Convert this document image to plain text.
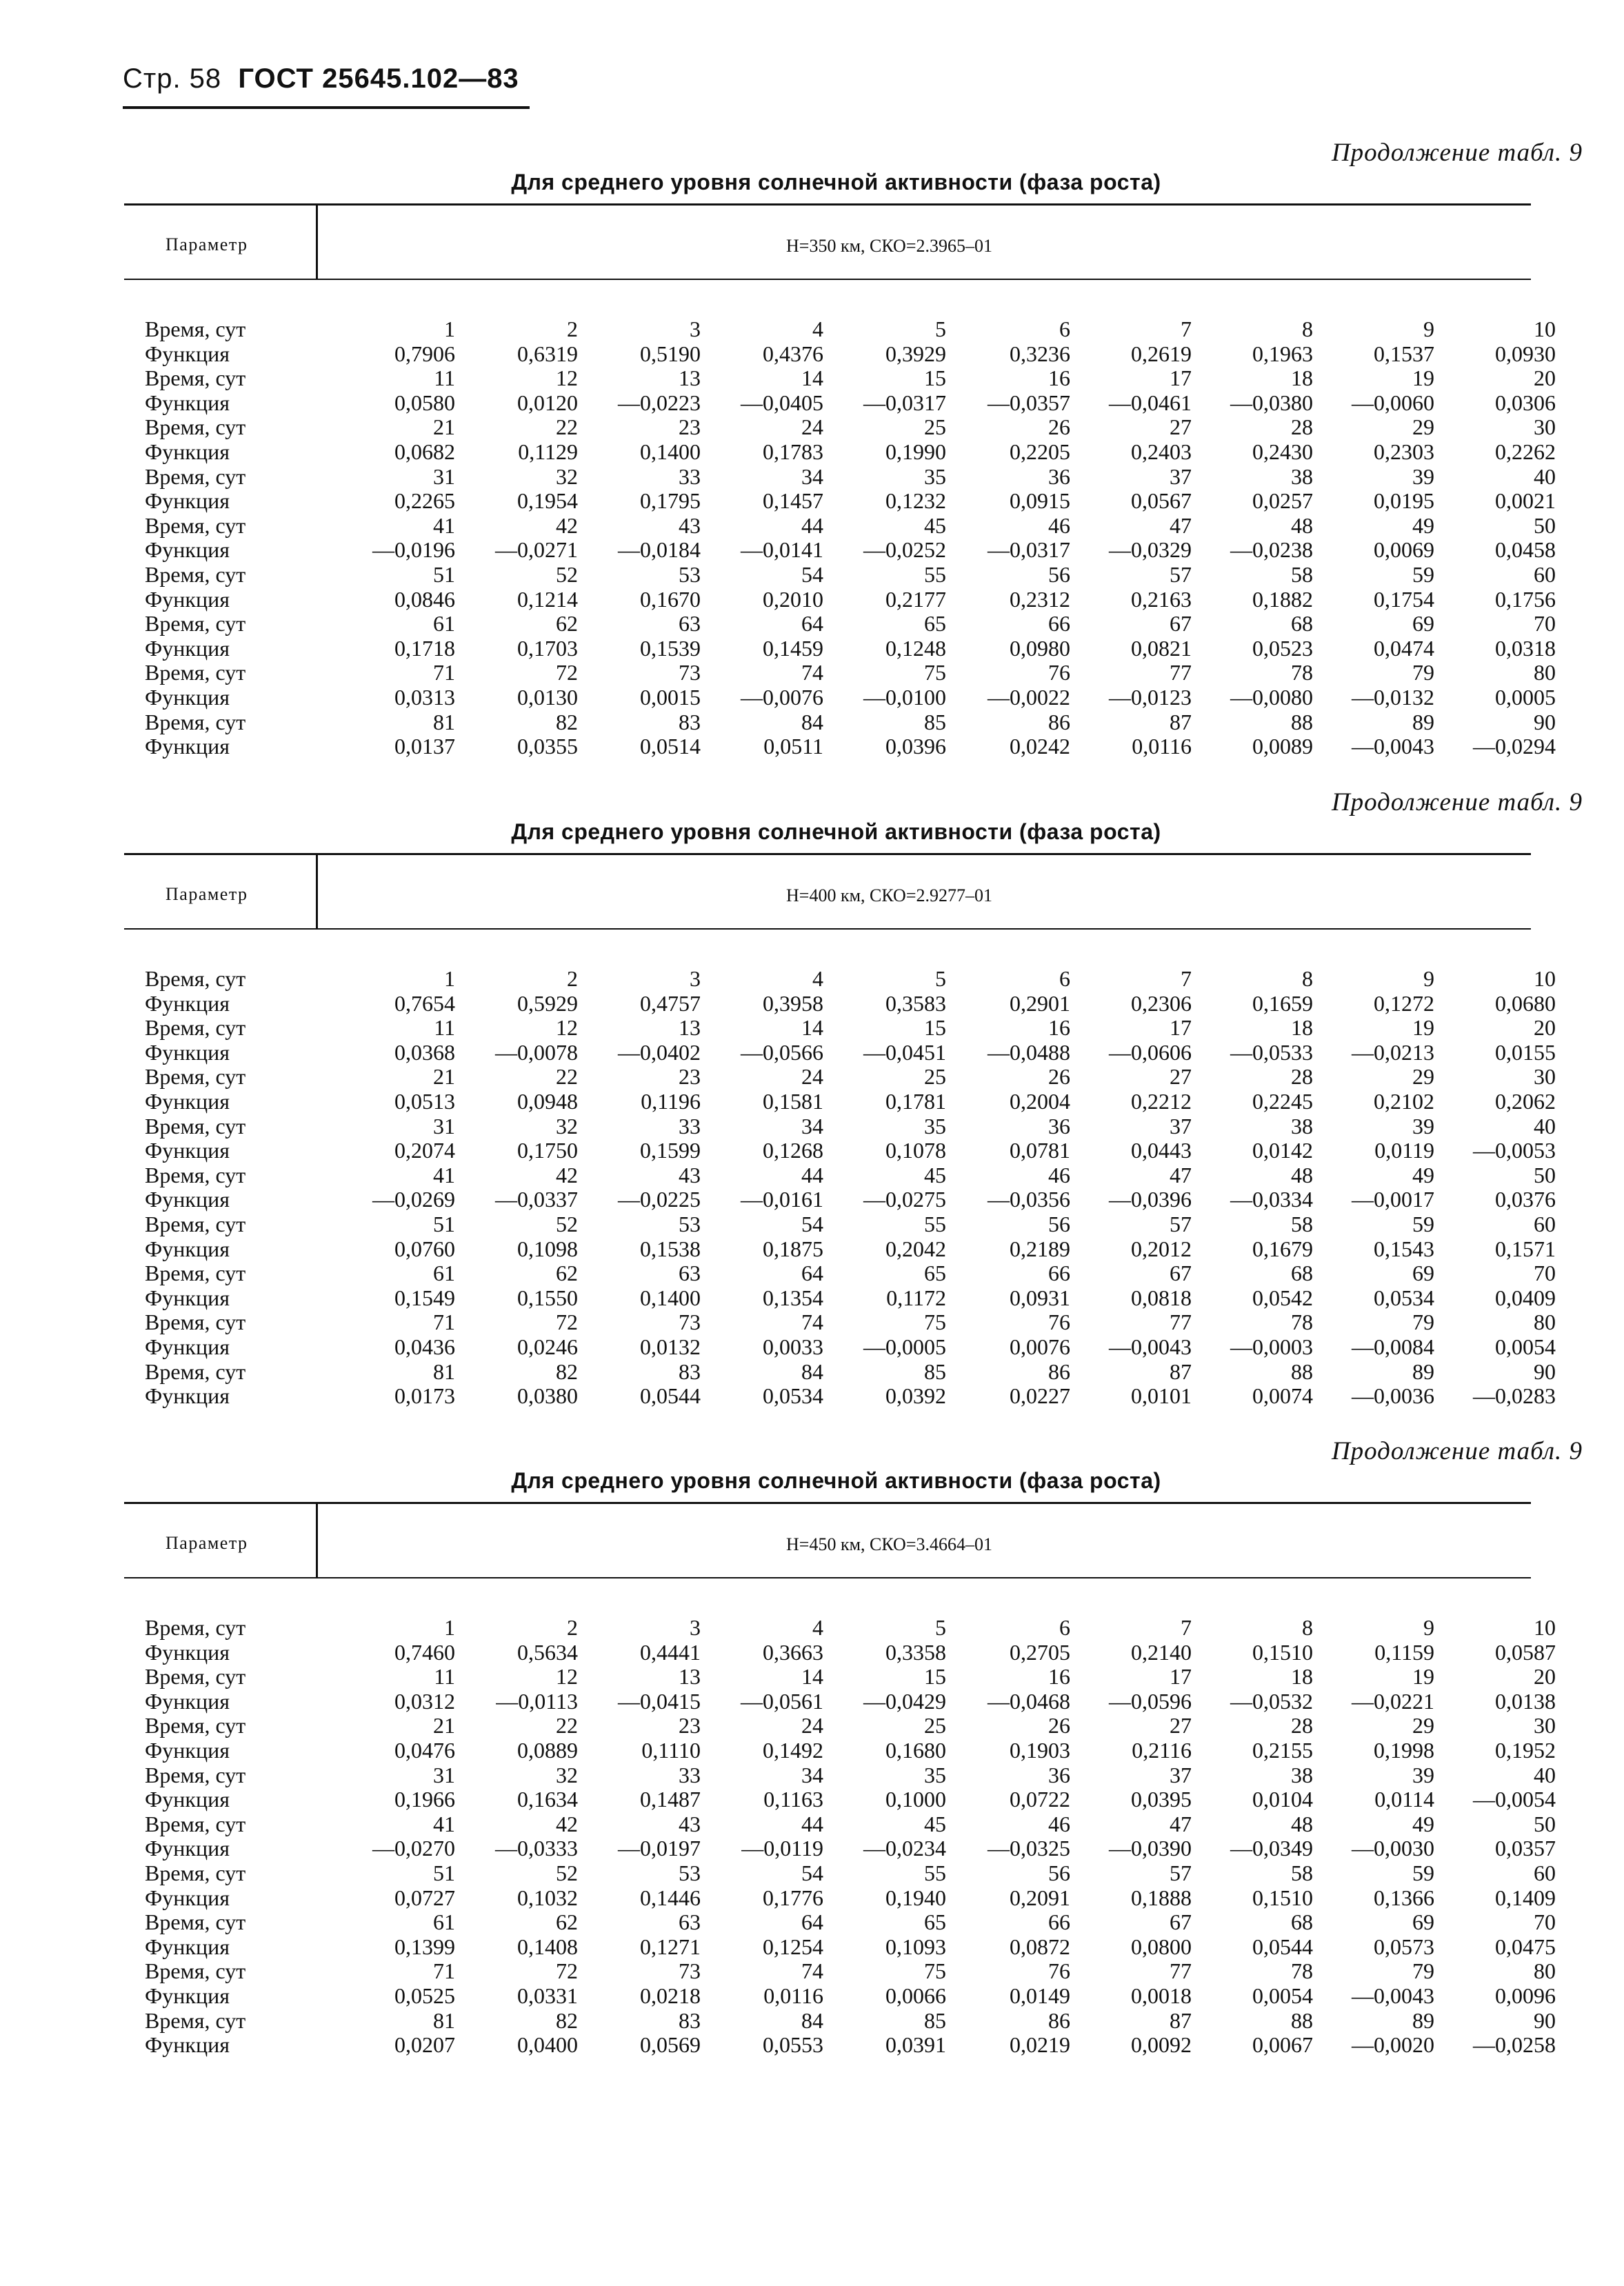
Стр. 58 ГОСТ 25645.102—83
Продолжение табл. 9
Для среднего уровня солнечной активности (фаза роста)
Параметр	H=350 км, СКО=2.3965–01
Время, сут	1	2	3	4	5	6	7	8	9	10
Функция	0,7906	0,6319	0,5190	0,4376	0,3929	0,3236	0,2619	0,1963	0,1537	0,0930
Время, сут	11	12	13	14	15	16	17	18	19	20
Функция	0,0580	0,0120	—0,0223	—0,0405	—0,0317	—0,0357	—0,0461	—0,0380	—0,0060	0,0306
Время, сут	21	22	23	24	25	26	27	28	29	30
Функция	0,0682	0,1129	0,1400	0,1783	0,1990	0,2205	0,2403	0,2430	0,2303	0,2262
Время, сут	31	32	33	34	35	36	37	38	39	40
Функция	0,2265	0,1954	0,1795	0,1457	0,1232	0,0915	0,0567	0,0257	0,0195	0,0021
Время, сут	41	42	43	44	45	46	47	48	49	50
Функция	—0,0196	—0,0271	—0,0184	—0,0141	—0,0252	—0,0317	—0,0329	—0,0238	0,0069	0,0458
Время, сут	51	52	53	54	55	56	57	58	59	60
Функция	0,0846	0,1214	0,1670	0,2010	0,2177	0,2312	0,2163	0,1882	0,1754	0,1756
Время, сут	61	62	63	64	65	66	67	68	69	70
Функция	0,1718	0,1703	0,1539	0,1459	0,1248	0,0980	0,0821	0,0523	0,0474	0,0318
Время, сут	71	72	73	74	75	76	77	78	79	80
Функция	0,0313	0,0130	0,0015	—0,0076	—0,0100	—0,0022	—0,0123	—0,0080	—0,0132	0,0005
Время, сут	81	82	83	84	85	86	87	88	89	90
Функция	0,0137	0,0355	0,0514	0,0511	0,0396	0,0242	0,0116	0,0089	—0,0043	—0,0294
Продолжение табл. 9
Для среднего уровня солнечной активности (фаза роста)
Параметр	H=400 км, СКО=2.9277–01
Время, сут	1	2	3	4	5	6	7	8	9	10
Функция	0,7654	0,5929	0,4757	0,3958	0,3583	0,2901	0,2306	0,1659	0,1272	0,0680
Время, сут	11	12	13	14	15	16	17	18	19	20
Функция	0,0368	—0,0078	—0,0402	—0,0566	—0,0451	—0,0488	—0,0606	—0,0533	—0,0213	0,0155
Время, сут	21	22	23	24	25	26	27	28	29	30
Функция	0,0513	0,0948	0,1196	0,1581	0,1781	0,2004	0,2212	0,2245	0,2102	0,2062
Время, сут	31	32	33	34	35	36	37	38	39	40
Функция	0,2074	0,1750	0,1599	0,1268	0,1078	0,0781	0,0443	0,0142	0,0119	—0,0053
Время, сут	41	42	43	44	45	46	47	48	49	50
Функция	—0,0269	—0,0337	—0,0225	—0,0161	—0,0275	—0,0356	—0,0396	—0,0334	—0,0017	0,0376
Время, сут	51	52	53	54	55	56	57	58	59	60
Функция	0,0760	0,1098	0,1538	0,1875	0,2042	0,2189	0,2012	0,1679	0,1543	0,1571
Время, сут	61	62	63	64	65	66	67	68	69	70
Функция	0,1549	0,1550	0,1400	0,1354	0,1172	0,0931	0,0818	0,0542	0,0534	0,0409
Время, сут	71	72	73	74	75	76	77	78	79	80
Функция	0,0436	0,0246	0,0132	0,0033	—0,0005	0,0076	—0,0043	—0,0003	—0,0084	0,0054
Время, сут	81	82	83	84	85	86	87	88	89	90
Функция	0,0173	0,0380	0,0544	0,0534	0,0392	0,0227	0,0101	0,0074	—0,0036	—0,0283
Продолжение табл. 9
Для среднего уровня солнечной активности (фаза роста)
Параметр	H=450 км, СКО=3.4664–01
Время, сут	1	2	3	4	5	6	7	8	9	10
Функция	0,7460	0,5634	0,4441	0,3663	0,3358	0,2705	0,2140	0,1510	0,1159	0,0587
Время, сут	11	12	13	14	15	16	17	18	19	20
Функция	0,0312	—0,0113	—0,0415	—0,0561	—0,0429	—0,0468	—0,0596	—0,0532	—0,0221	0,0138
Время, сут	21	22	23	24	25	26	27	28	29	30
Функция	0,0476	0,0889	0,1110	0,1492	0,1680	0,1903	0,2116	0,2155	0,1998	0,1952
Время, сут	31	32	33	34	35	36	37	38	39	40
Функция	0,1966	0,1634	0,1487	0,1163	0,1000	0,0722	0,0395	0,0104	0,0114	—0,0054
Время, сут	41	42	43	44	45	46	47	48	49	50
Функция	—0,0270	—0,0333	—0,0197	—0,0119	—0,0234	—0,0325	—0,0390	—0,0349	—0,0030	0,0357
Время, сут	51	52	53	54	55	56	57	58	59	60
Функция	0,0727	0,1032	0,1446	0,1776	0,1940	0,2091	0,1888	0,1510	0,1366	0,1409
Время, сут	61	62	63	64	65	66	67	68	69	70
Функция	0,1399	0,1408	0,1271	0,1254	0,1093	0,0872	0,0800	0,0544	0,0573	0,0475
Время, сут	71	72	73	74	75	76	77	78	79	80
Функция	0,0525	0,0331	0,0218	0,0116	0,0066	0,0149	0,0018	0,0054	—0,0043	0,0096
Время, сут	81	82	83	84	85	86	87	88	89	90
Функция	0,0207	0,0400	0,0569	0,0553	0,0391	0,0219	0,0092	0,0067	—0,0020	—0,0258
